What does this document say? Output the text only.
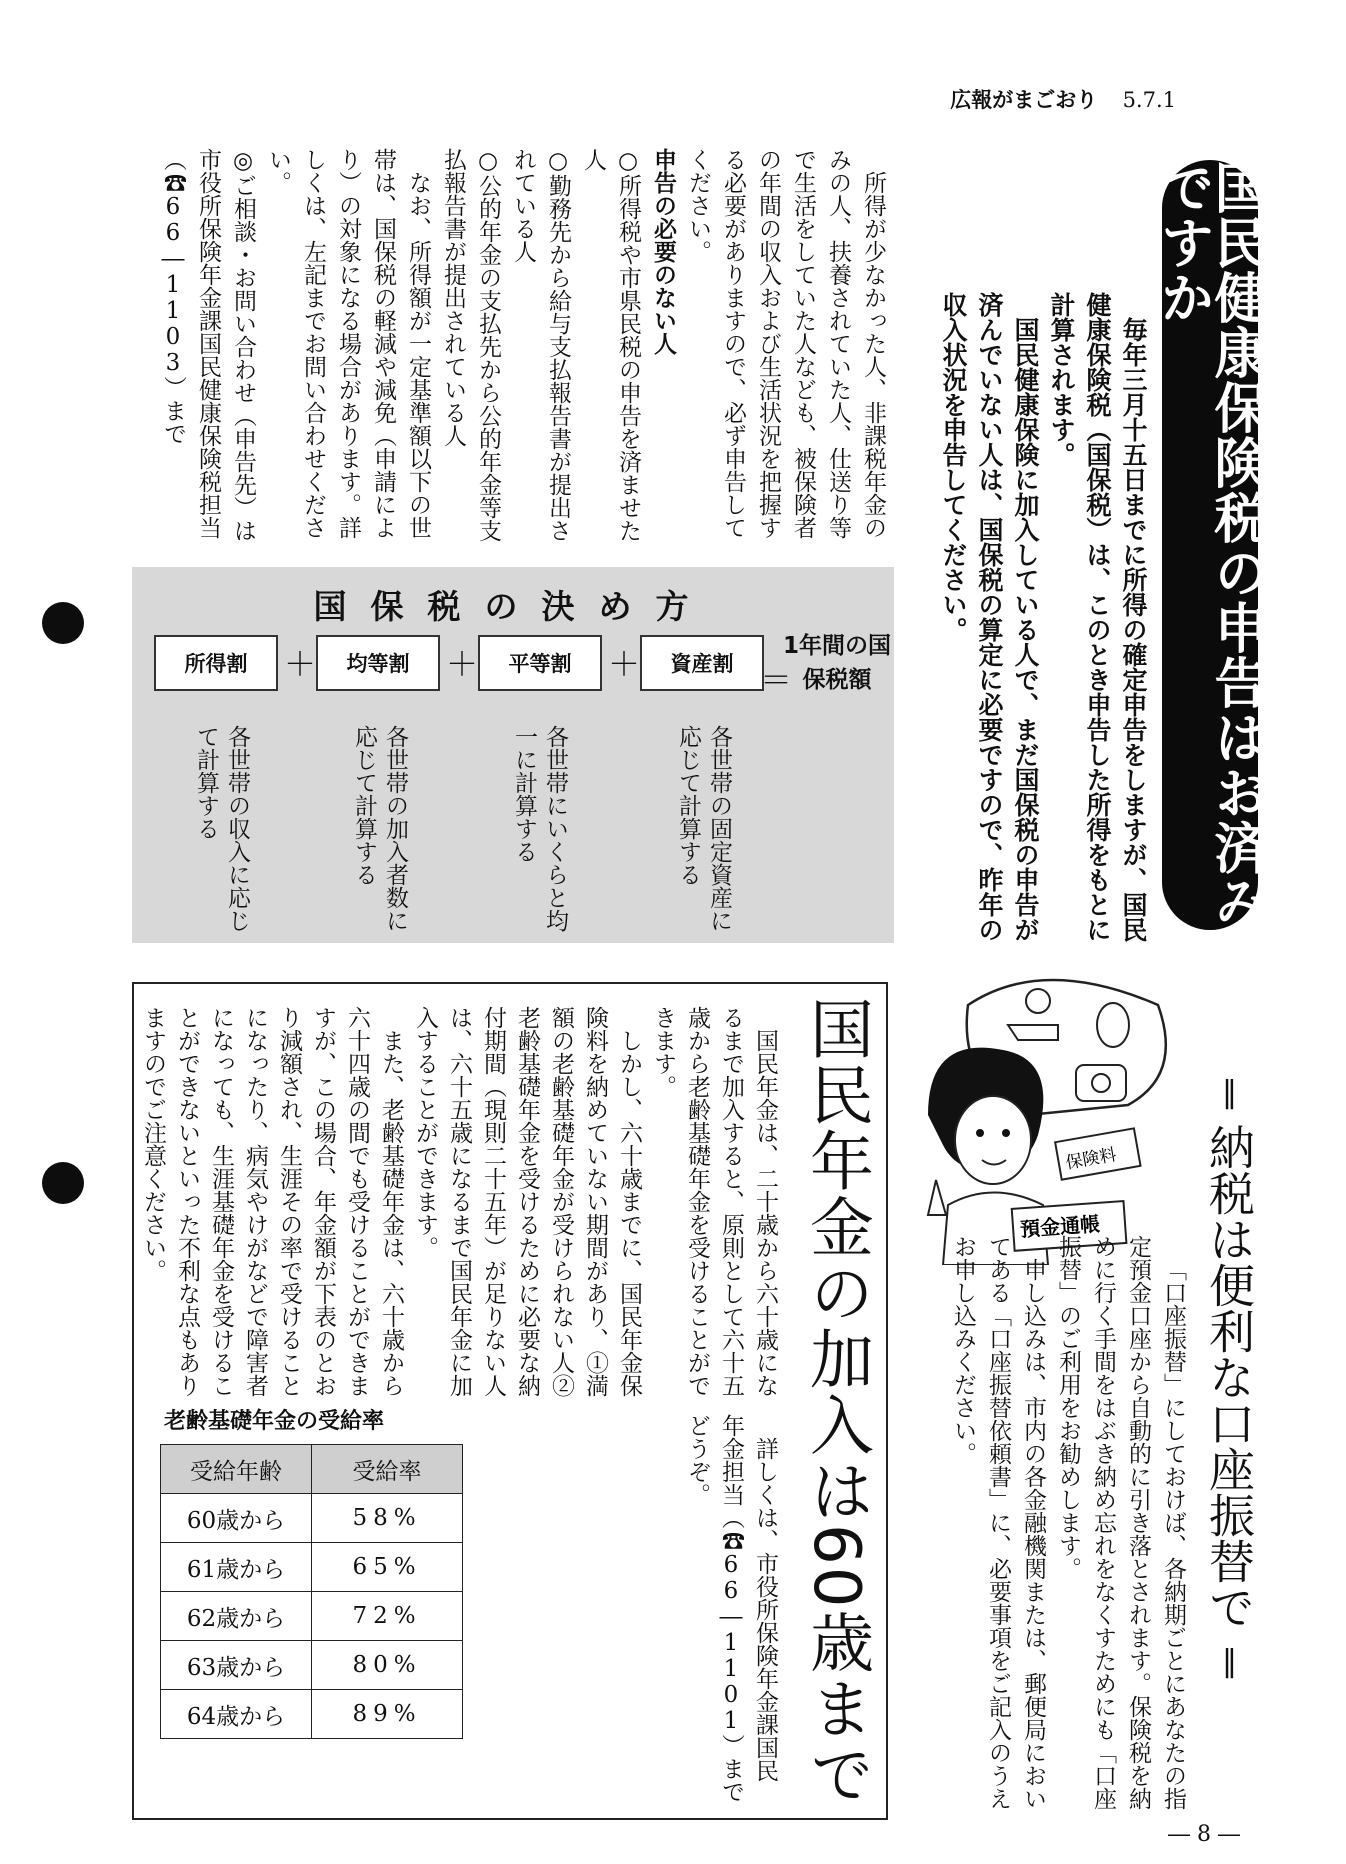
広報がまごおり 5.7.1
国民健康保険税の申告はお済みですか

毎年三月十五日までに所得の確定申告をしますが、国民健康保険税（国保税）は、このとき申告した所得をもとに計算されます。

国民健康保険に加入している人で、まだ国保税の申告が済んでいない人は、国保税の算定に必要ですので、昨年の収入状況を申告してください。

所得が少なかった人、非課税年金のみの人、扶養されていた人、仕送り等で生活をしていた人なども、被保険者の年間の収入および生活状況を把握する必要がありますので、必ず申告してください。

申告の必要のない人

○所得税や市県民税の申告を済ませた人

○勤務先から給与支払報告書が提出されている人

○公的年金の支払先から公的年金等支払報告書が提出されている人

なお、所得額が一定基準額以下の世帯は、国保税の軽減や減免（申請により）の対象になる場合があります。詳しくは、左記までお問い合わせください。

◎ご相談・お問い合わせ（申告先）は市役所保険年金課国民健康保険税担当（☎66―1103）まで

国保税の決め方
所得割	＋	均等割	＋	平等割	＋	資産割 ＝
1年間の国保税額
各世帯の収入に応じて計算する	各世帯の加入者数に応じて計算する	各世帯にいくらと均一に計算する	各世帯の固定資産に応じて計算する
国民年金の加入は60歳まで

国民年金は、二十歳から六十歳になるまで加入すると、原則として六十五歳から老齢基礎年金を受けることができます。

しかし、六十歳までに、国民年金保険料を納めていない期間があり、①満額の老齢基礎年金が受けられない人②老齢基礎年金を受けるために必要な納付期間（現則二十五年）が足りない人は、六十五歳になるまで国民年金に加入することができます。

また、老齢基礎年金は、六十歳から六十四歳の間でも受けることができますが、この場合、年金額が下表のとおり減額され、生涯その率で受けることになったり、病気やけがなどで障害者になっても、生涯基礎年金を受けることができないといった不利な点もありますのでご注意ください。

詳しくは、市役所保険年金課国民年金担当（☎66―1101）までどうぞ。

老齢基礎年金の受給率
受給年齢	受給率
60歳から	58%
61歳から	65%
62歳から	72%
63歳から	80%
64歳から	89%
保険料
預金通帳
‖納税は便利な口座振替で‖

「口座振替」にしておけば、各納期ごとにあなたの指定預金口座から自動的に引き落とされます。保険税を納めに行く手間をはぶき納め忘れをなくすためにも「口座振替」のご利用をお勧めします。

申し込みは、市内の各金融機関または、郵便局においてある「口座振替依頼書」に、必要事項をご記入のうえお申し込みください。

― 8 ―
